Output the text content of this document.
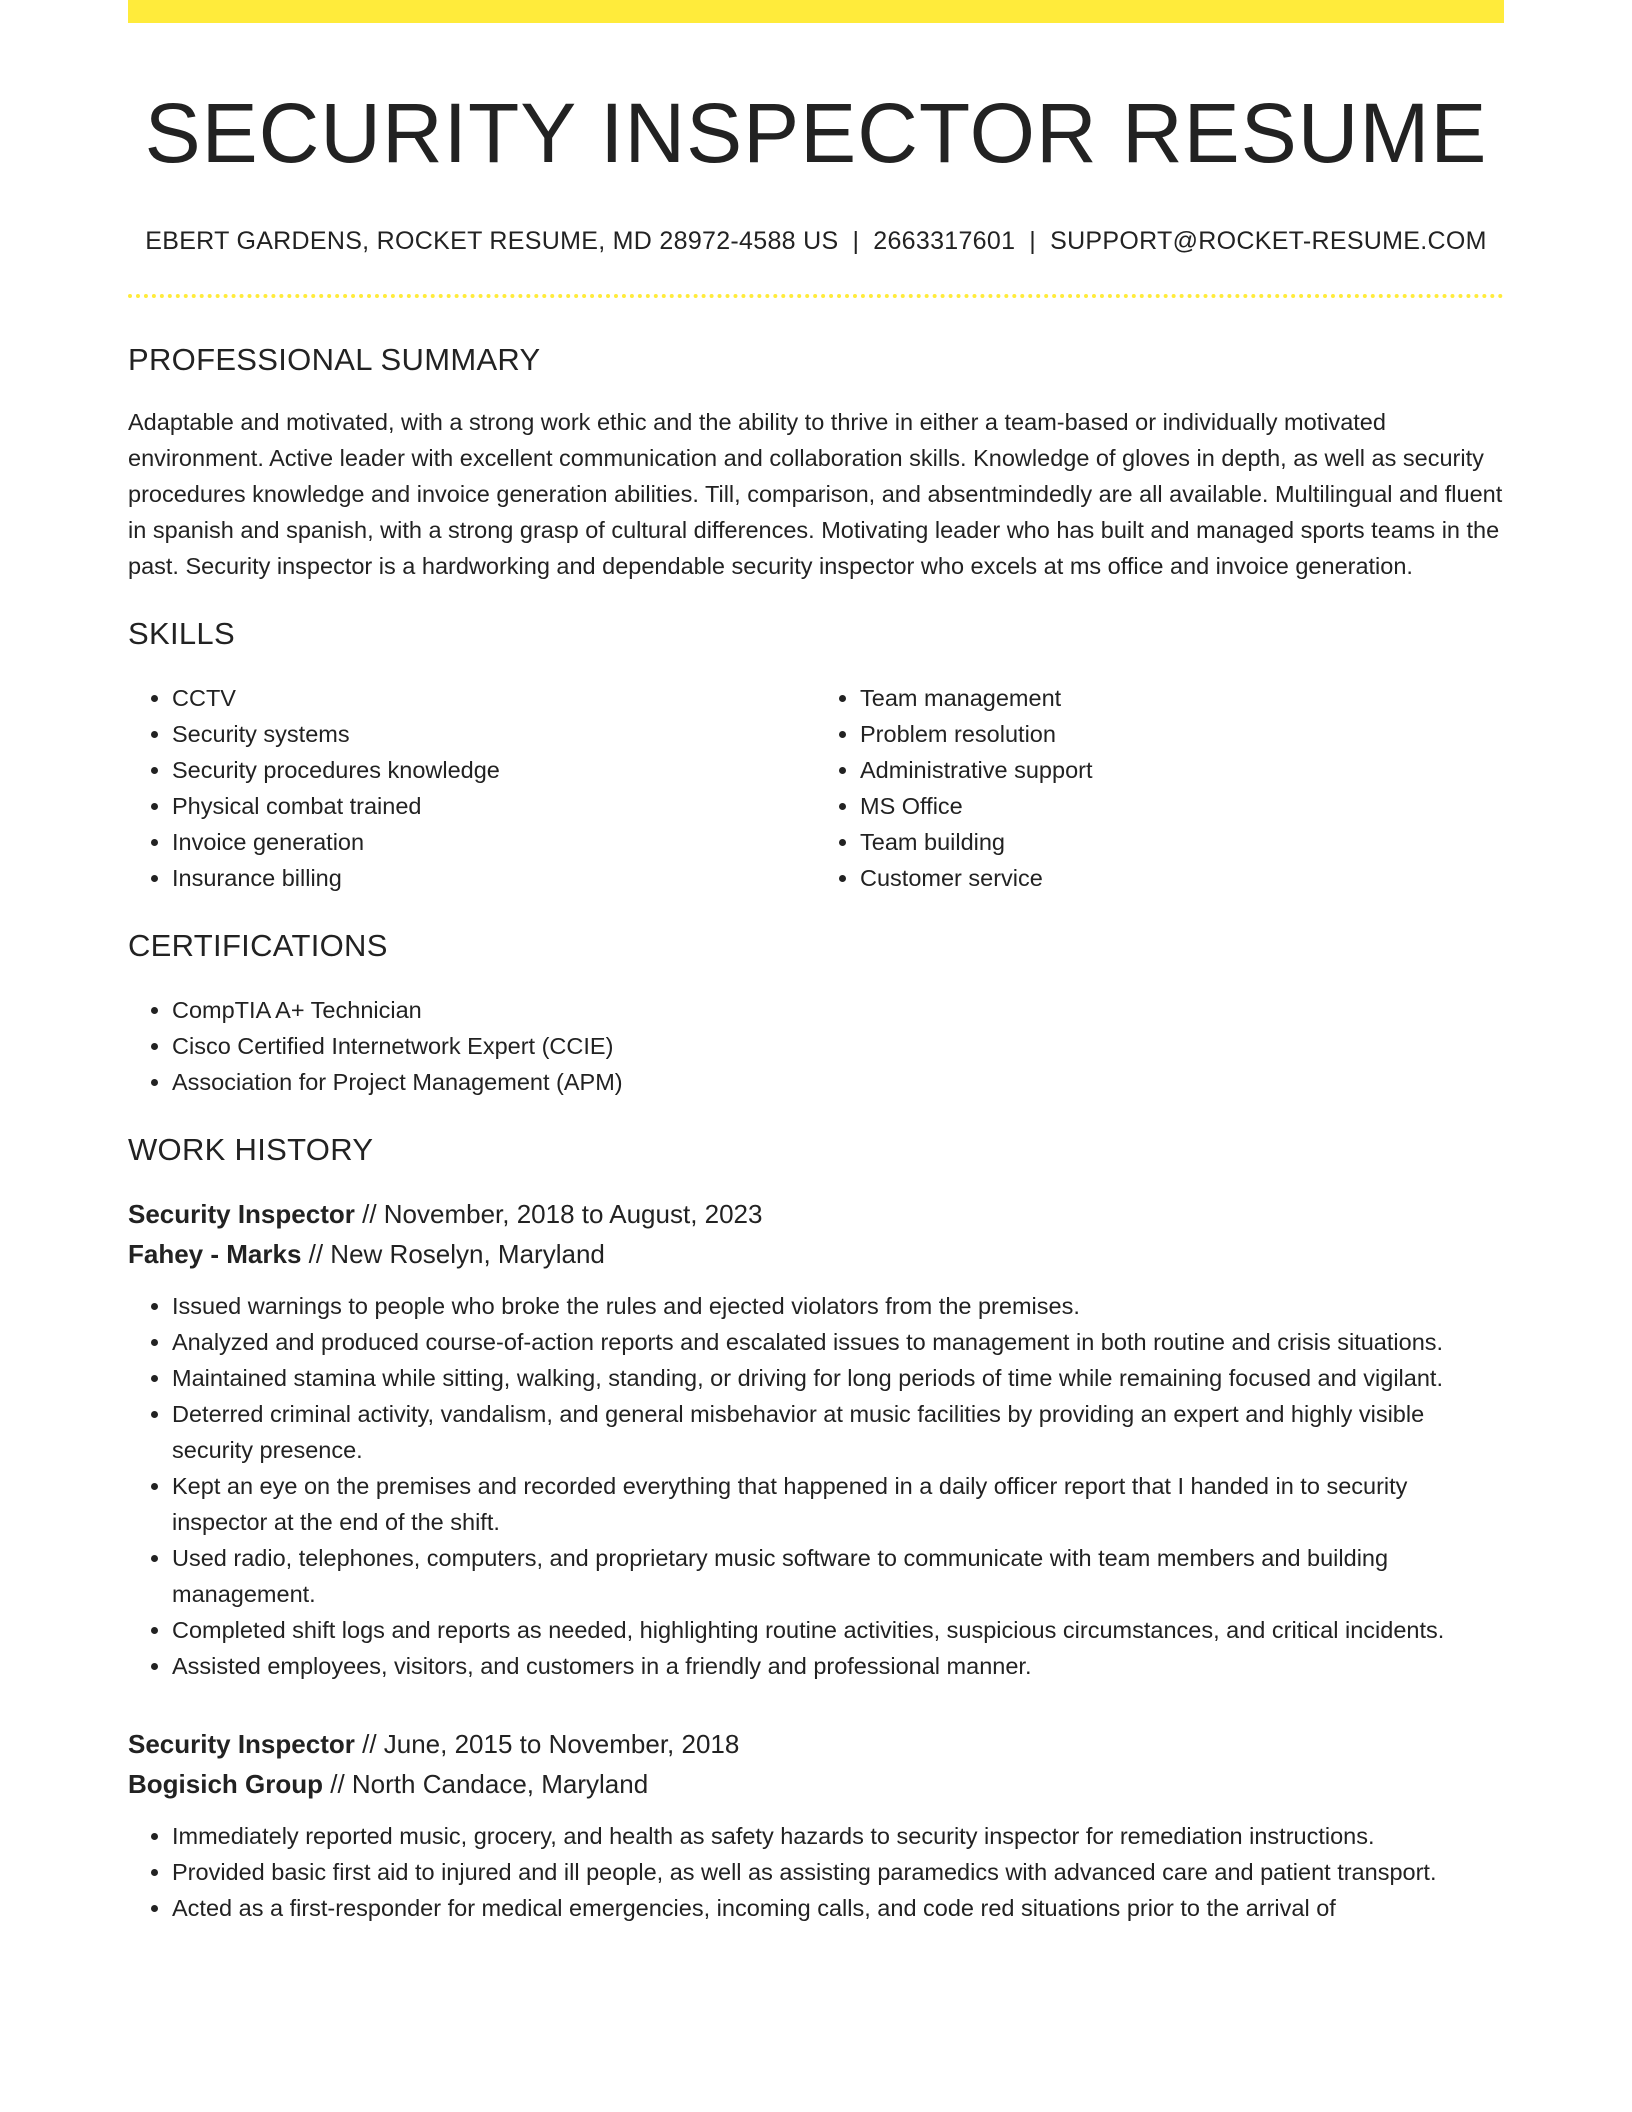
SECURITY INSPECTOR RESUME
EBERT GARDENS, ROCKET RESUME, MD 28972-4588 US | 2663317601 | SUPPORT@ROCKET-RESUME.COM
PROFESSIONAL SUMMARY

Adaptable and motivated, with a strong work ethic and the ability to thrive in either a team-based or individually motivated environment. Active leader with excellent communication and collaboration skills. Knowledge of gloves in depth, as well as security procedures knowledge and invoice generation abilities. Till, comparison, and absentmindedly are all available. Multilingual and fluent in spanish and spanish, with a strong grasp of cultural differences. Motivating leader who has built and managed sports teams in the past. Security inspector is a hardworking and dependable security inspector who excels at ms office and invoice generation.

SKILLS
• CCTV
• Security systems
• Security procedures knowledge
• Physical combat trained
• Invoice generation
• Insurance billing
• Team management
• Problem resolution
• Administrative support
• MS Office
• Team building
• Customer service
CERTIFICATIONS
• CompTIA A+ Technician
• Cisco Certified Internetwork Expert (CCIE)
• Association for Project Management (APM)
WORK HISTORY
Security Inspector // November, 2018 to August, 2023
Fahey - Marks // New Roselyn, Maryland
• Issued warnings to people who broke the rules and ejected violators from the premises.
• Analyzed and produced course-of-action reports and escalated issues to management in both routine and crisis situations.
• Maintained stamina while sitting, walking, standing, or driving for long periods of time while remaining focused and vigilant.
• Deterred criminal activity, vandalism, and general misbehavior at music facilities by providing an expert and highly visible security presence.
• Kept an eye on the premises and recorded everything that happened in a daily officer report that I handed in to security inspector at the end of the shift.
• Used radio, telephones, computers, and proprietary music software to communicate with team members and building management.
• Completed shift logs and reports as needed, highlighting routine activities, suspicious circumstances, and critical incidents.
• Assisted employees, visitors, and customers in a friendly and professional manner.
Security Inspector // June, 2015 to November, 2018
Bogisich Group // North Candace, Maryland
• Immediately reported music, grocery, and health as safety hazards to security inspector for remediation instructions.
• Provided basic first aid to injured and ill people, as well as assisting paramedics with advanced care and patient transport.
• Acted as a first-responder for medical emergencies, incoming calls, and code red situations prior to the arrival of
